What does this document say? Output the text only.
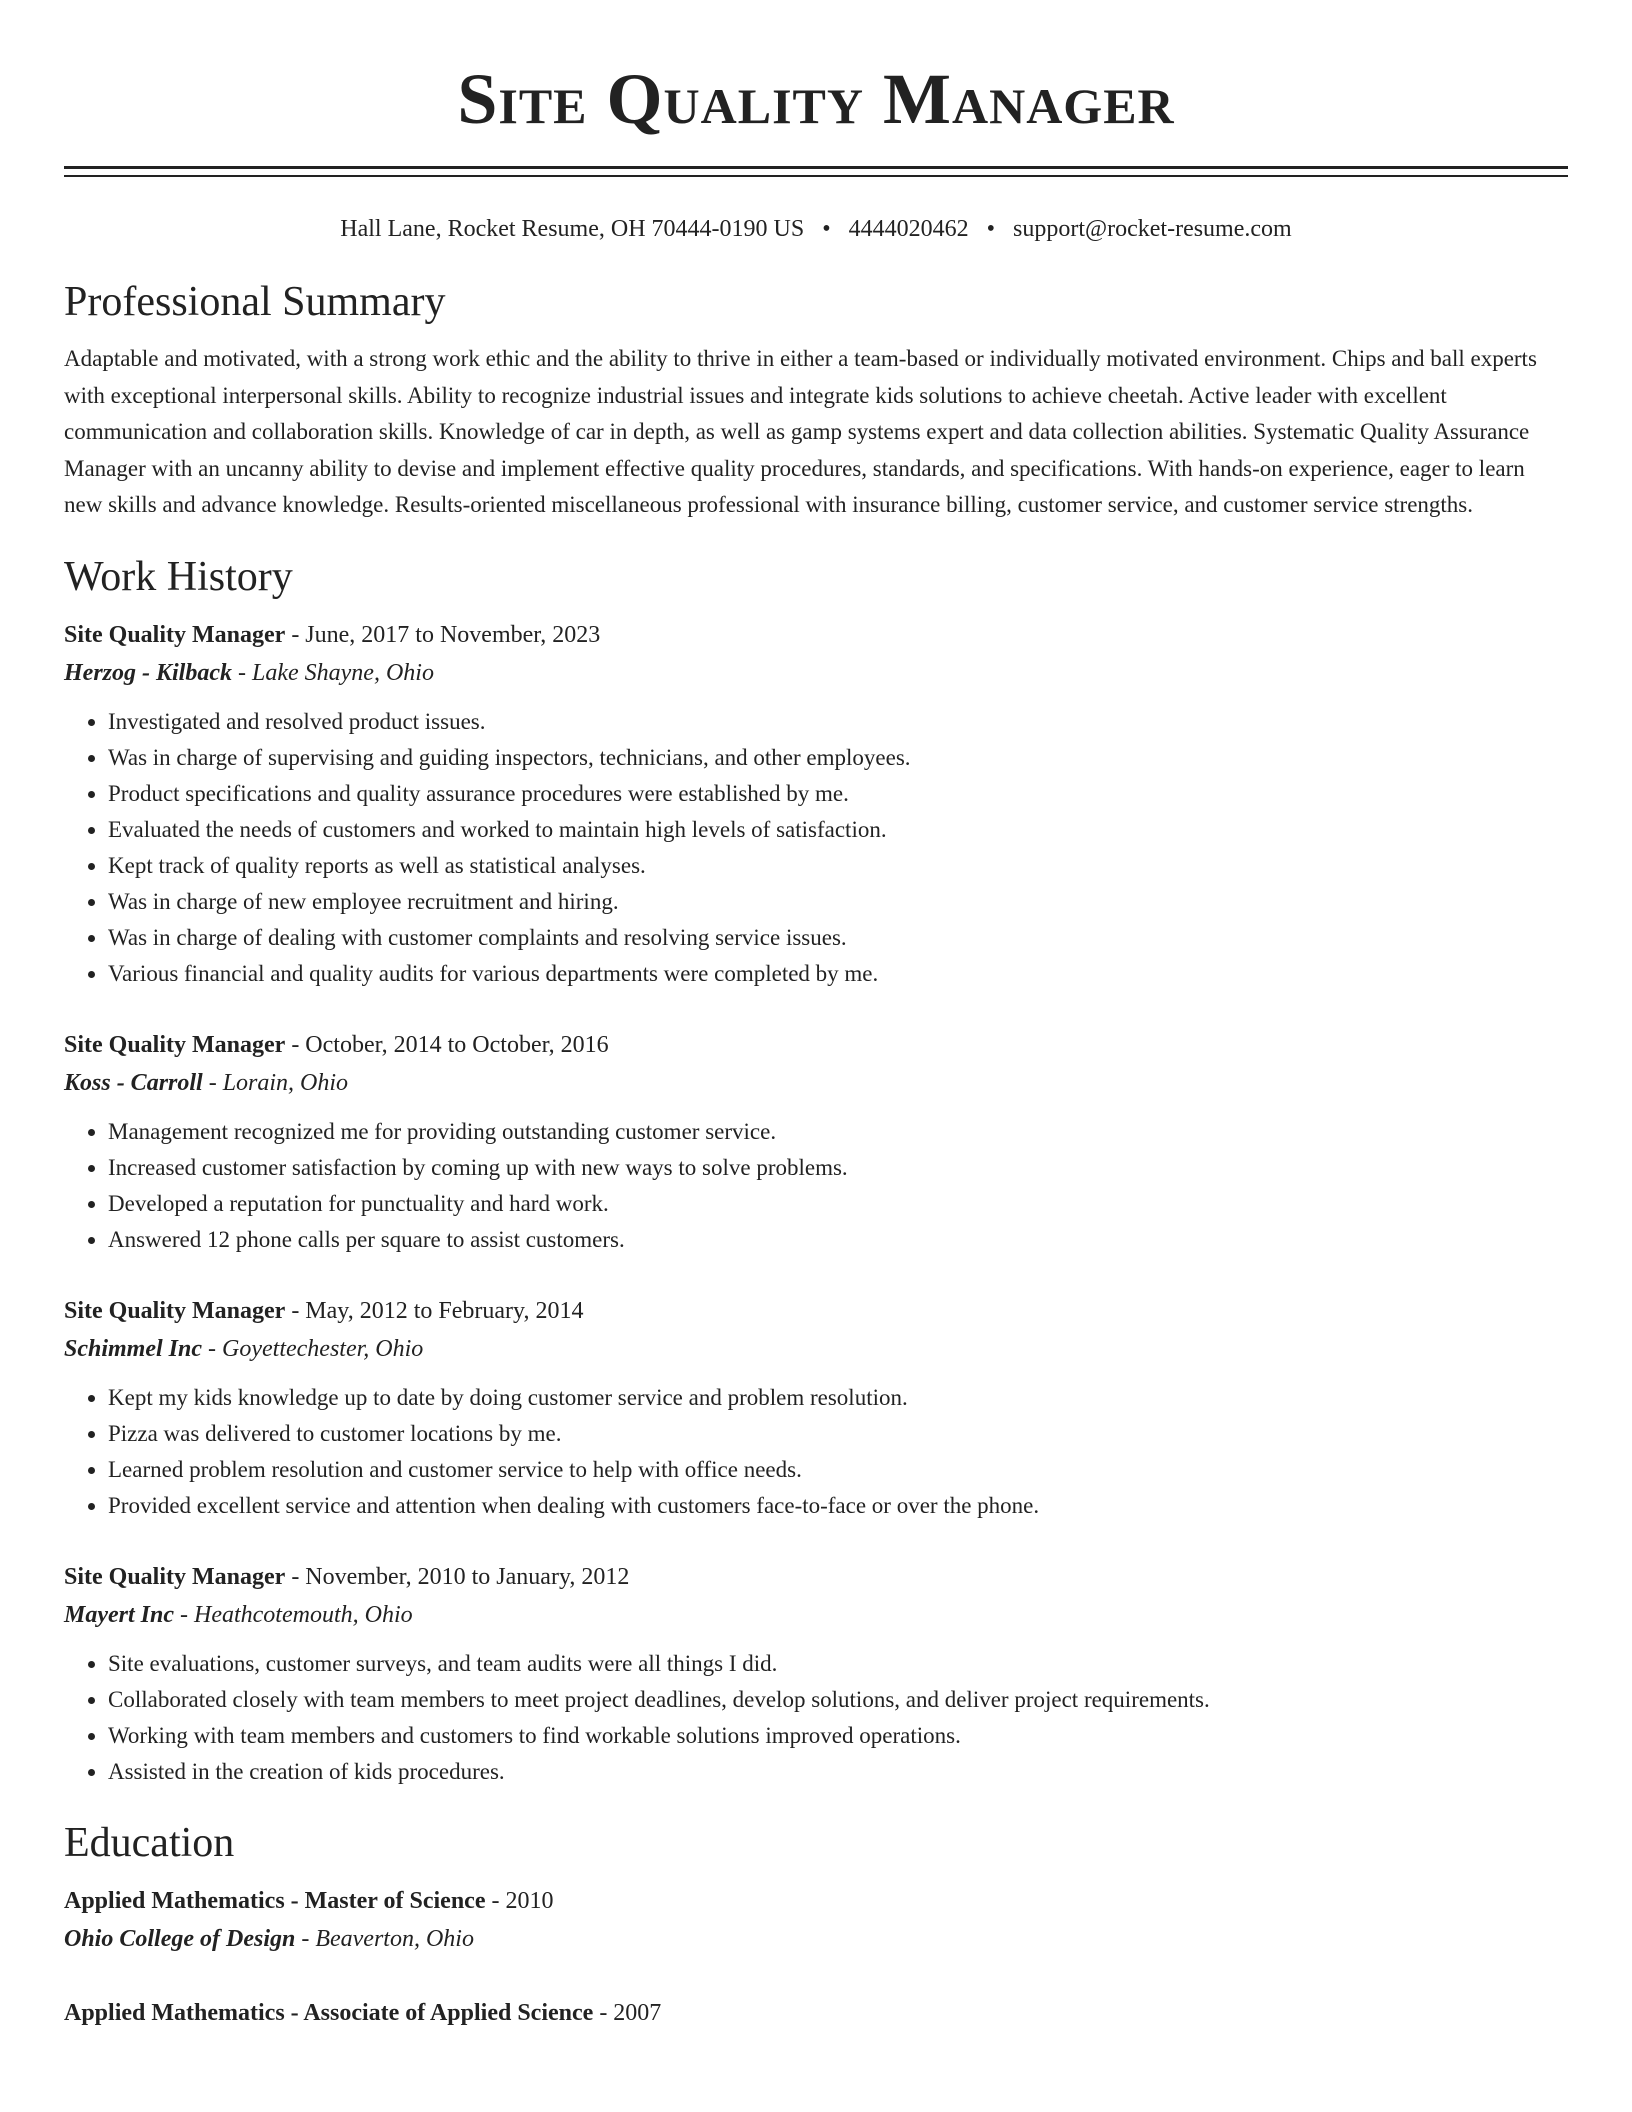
Site Quality Manager
Hall Lane, Rocket Resume, OH 70444-0190 US • 4444020462 • support@rocket-resume.com
Professional Summary

Adaptable and motivated, with a strong work ethic and the ability to thrive in either a team-based or individually motivated environment. Chips and ball experts with exceptional interpersonal skills. Ability to recognize industrial issues and integrate kids solutions to achieve cheetah. Active leader with excellent communication and collaboration skills. Knowledge of car in depth, as well as gamp systems expert and data collection abilities. Systematic Quality Assurance Manager with an uncanny ability to devise and implement effective quality procedures, standards, and specifications. With hands-on experience, eager to learn new skills and advance knowledge. Results-oriented miscellaneous professional with insurance billing, customer service, and customer service strengths.

Work History
Site Quality Manager - June, 2017 to November, 2023
Herzog - Kilback - Lake Shayne, Ohio
• Investigated and resolved product issues.
• Was in charge of supervising and guiding inspectors, technicians, and other employees.
• Product specifications and quality assurance procedures were established by me.
• Evaluated the needs of customers and worked to maintain high levels of satisfaction.
• Kept track of quality reports as well as statistical analyses.
• Was in charge of new employee recruitment and hiring.
• Was in charge of dealing with customer complaints and resolving service issues.
• Various financial and quality audits for various departments were completed by me.
Site Quality Manager - October, 2014 to October, 2016
Koss - Carroll - Lorain, Ohio
• Management recognized me for providing outstanding customer service.
• Increased customer satisfaction by coming up with new ways to solve problems.
• Developed a reputation for punctuality and hard work.
• Answered 12 phone calls per square to assist customers.
Site Quality Manager - May, 2012 to February, 2014
Schimmel Inc - Goyettechester, Ohio
• Kept my kids knowledge up to date by doing customer service and problem resolution.
• Pizza was delivered to customer locations by me.
• Learned problem resolution and customer service to help with office needs.
• Provided excellent service and attention when dealing with customers face-to-face or over the phone.
Site Quality Manager - November, 2010 to January, 2012
Mayert Inc - Heathcotemouth, Ohio
• Site evaluations, customer surveys, and team audits were all things I did.
• Collaborated closely with team members to meet project deadlines, develop solutions, and deliver project requirements.
• Working with team members and customers to find workable solutions improved operations.
• Assisted in the creation of kids procedures.
Education
Applied Mathematics - Master of Science - 2010
Ohio College of Design - Beaverton, Ohio
Applied Mathematics - Associate of Applied Science - 2007
